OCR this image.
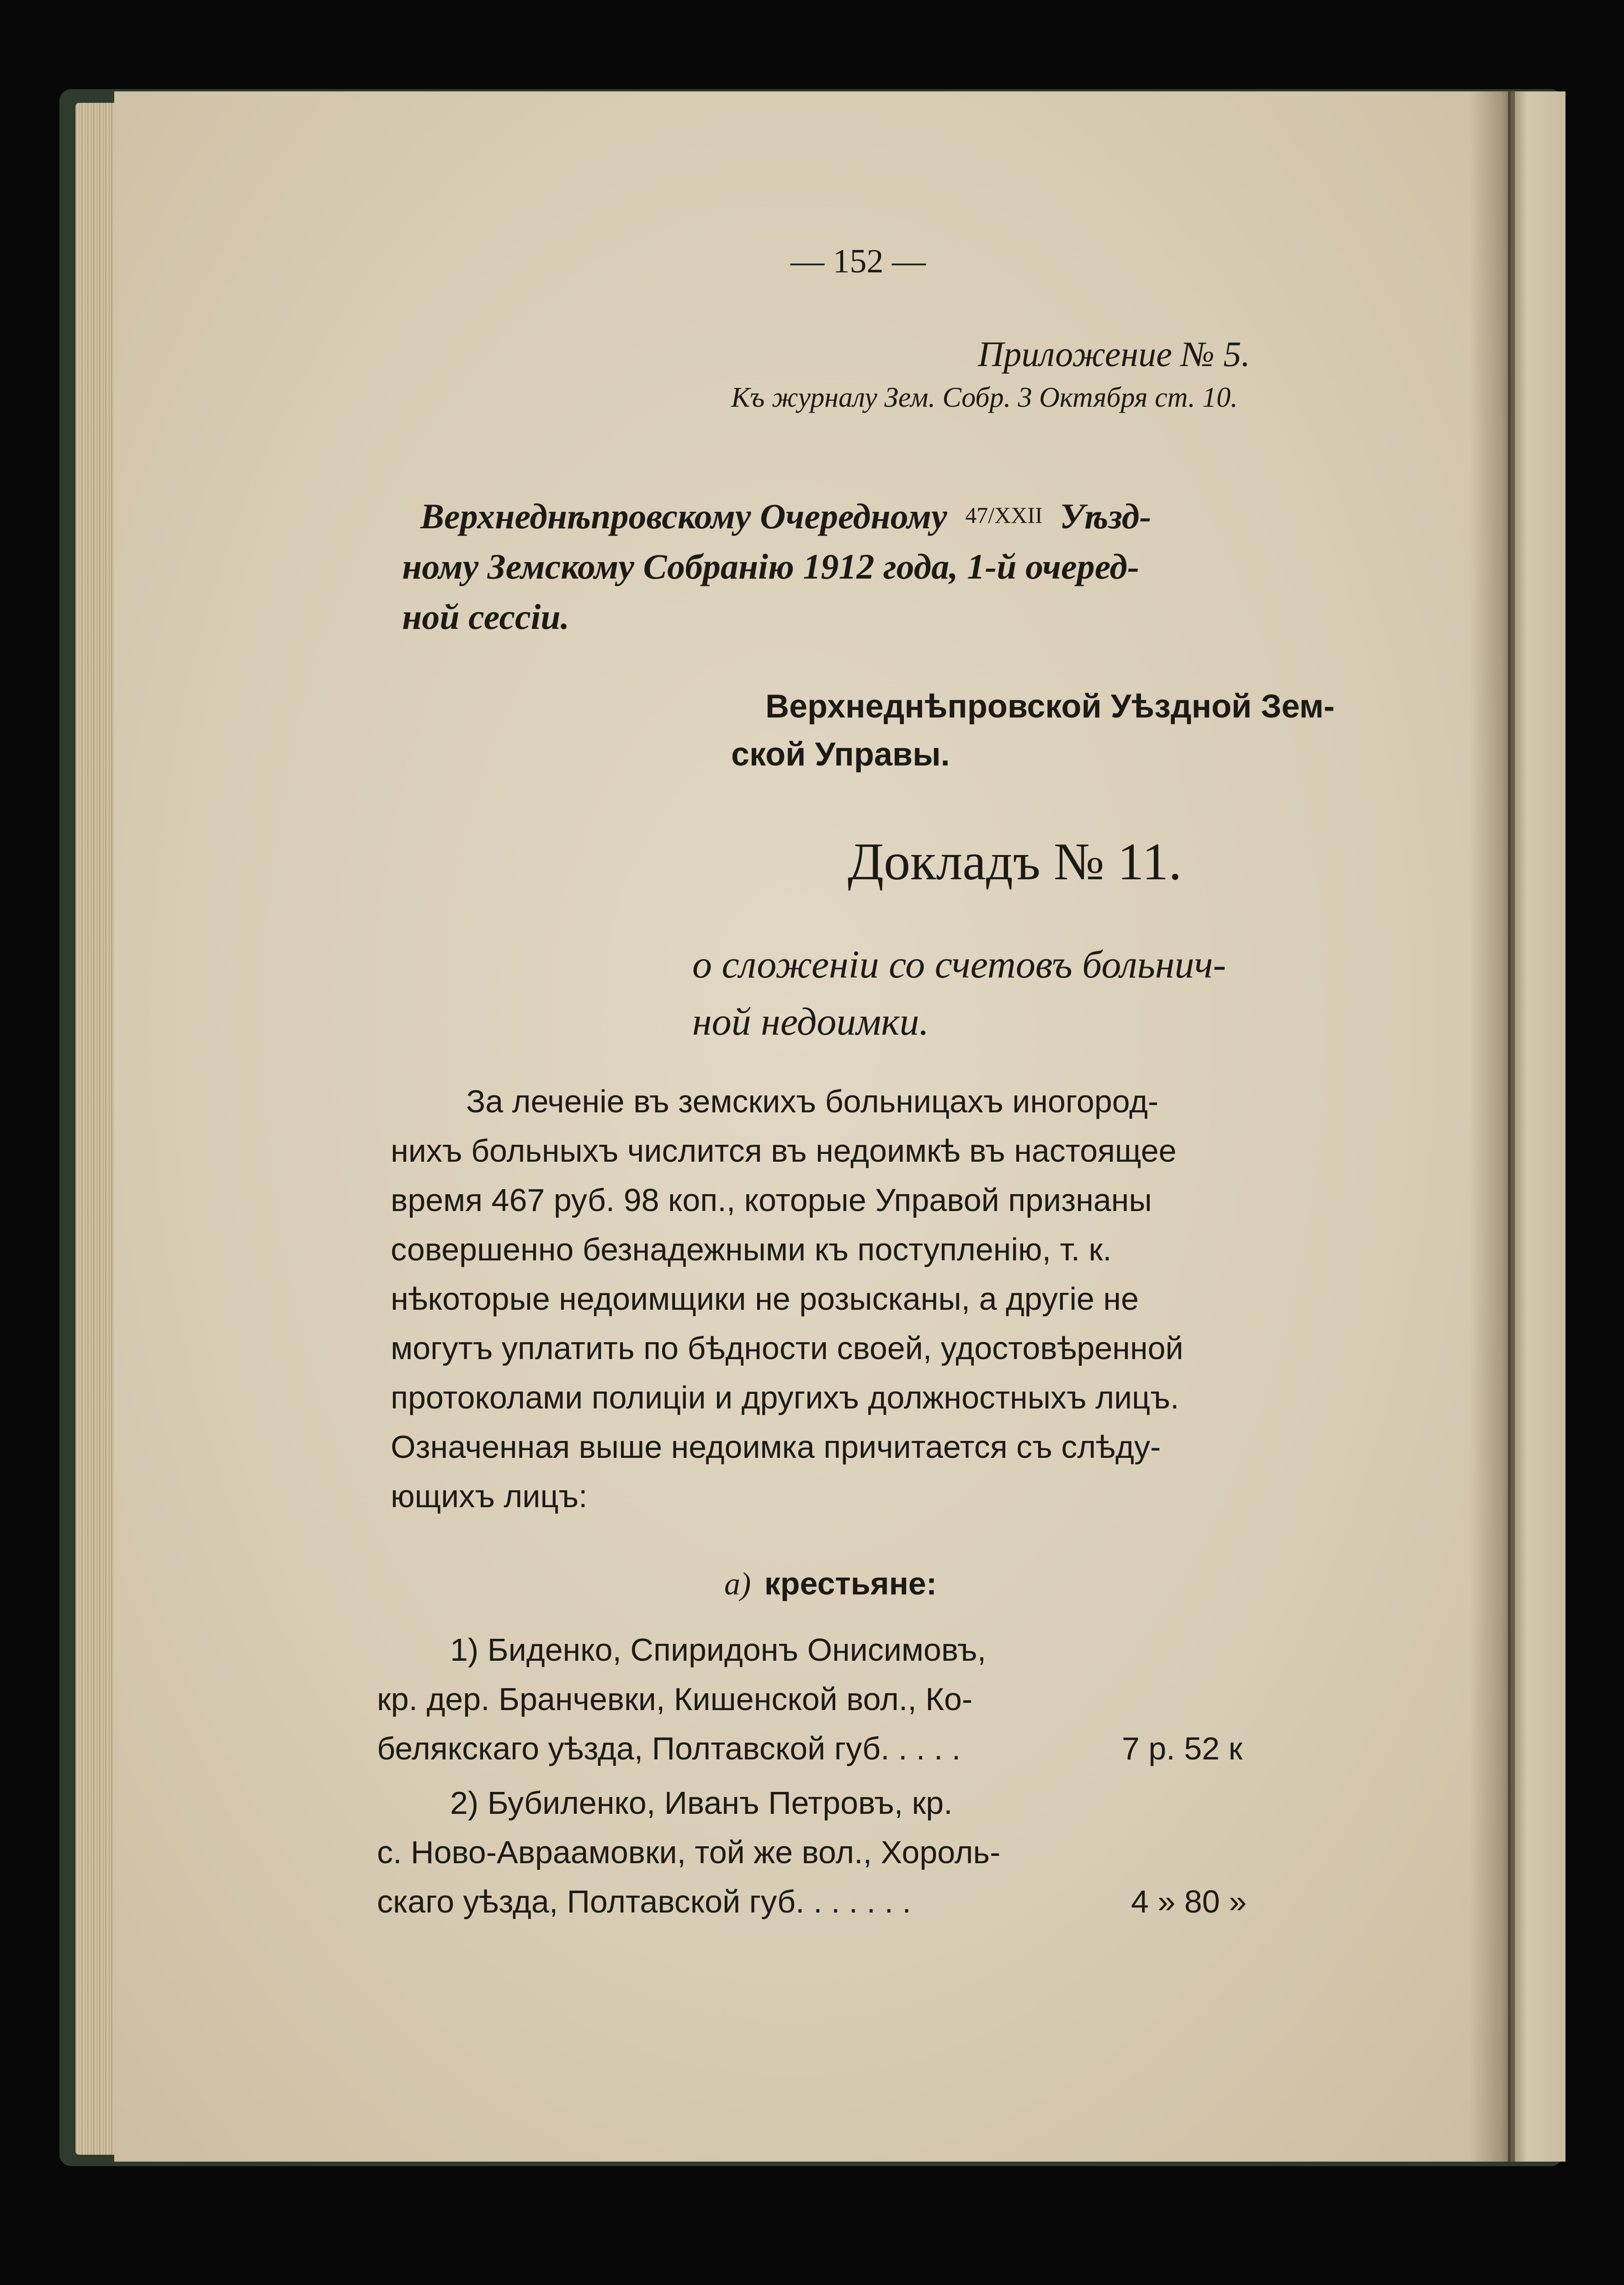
— 152 —

Приложение № 5.

Къ журналу Зем. Собр. 3 Октября ст. 10.

Верхнеднѣпровскому Очередному 47/XXII Уѣзд-

ному Земскому Собранію 1912 года, 1-й очеред-

ной сессіи.

Верхнеднѣпровской Уѣздной Зем-

ской Управы.

Докладъ № 11.

о сложеніи со счетовъ больнич-

ной недоимки.

За леченіе въ земскихъ больницахъ иногород-

нихъ больныхъ числится въ недоимкѣ въ настоящее

время 467 руб. 98 коп., которые Управой признаны

совершенно безнадежными къ поступленію, т. к.

нѣкоторые недоимщики не розысканы, а другіе не

могутъ уплатить по бѣдности своей, удостовѣренной

протоколами полиціи и другихъ должностныхъ лицъ.

Означенная выше недоимка причитается съ слѣду-

ющихъ лицъ:

а) крестьяне:

1) Биденко, Спиридонъ Онисимовъ,

кр. дер. Бранчевки, Кишенской вол., Ко-

белякскаго уѣзда, Полтавской губ. . . . .	7 р. 52 к

2) Бубиленко, Иванъ Петровъ, кр.

с. Ново-Авраамовки, той же вол., Хороль-

скаго уѣзда, Полтавской губ. . . . . . .	4 » 80 »
